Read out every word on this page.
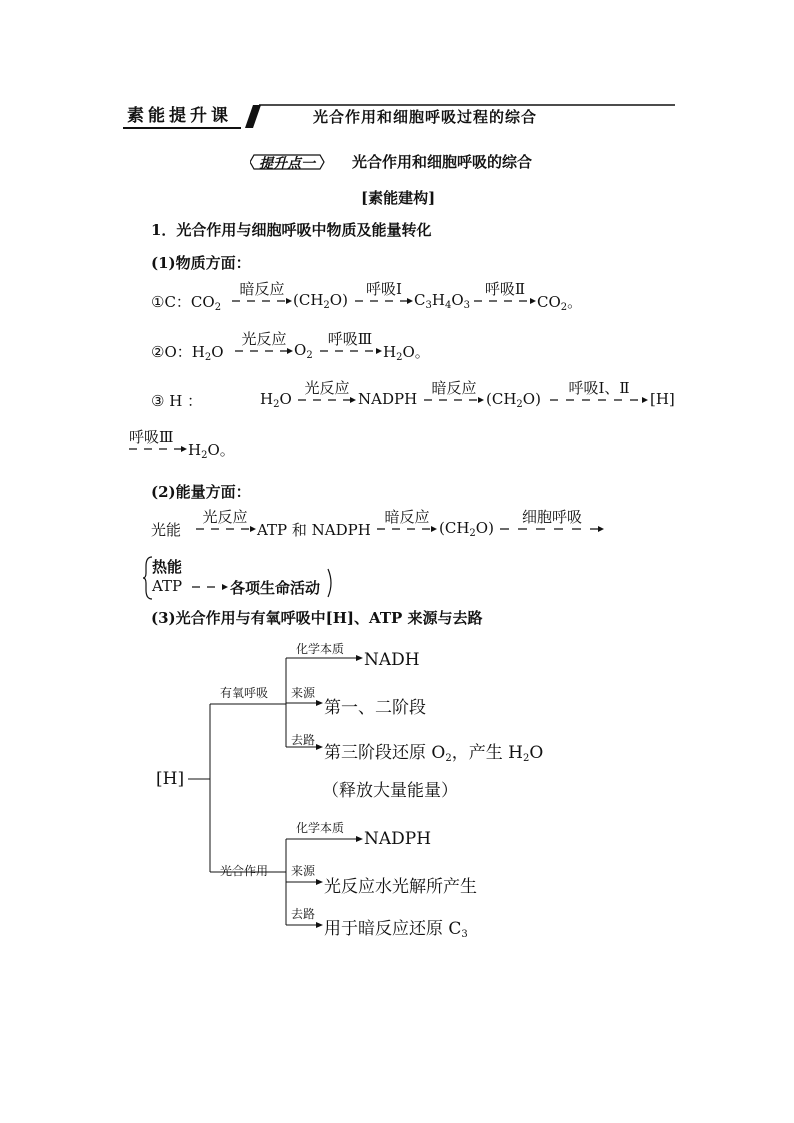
素能提升课	光合作用和细胞呼吸过程的综合
提升点一 光合作用和细胞呼吸的综合
[素能建构]
1．光合作用与细胞呼吸中物质及能量转化
(1)物质方面：
①C：$CO_2$
暗反应
$(CH_2O)$
呼吸Ⅰ
$C_3H_4O_3$
呼吸Ⅱ
$CO_2$。
②O：$H_2O$
光反应
$O_2$
呼吸Ⅲ
$H_2O$。
③ H ：	$H_2O$
光反应
NADPH
暗反应
$(CH_2O)$
呼吸Ⅰ、Ⅱ
[H]
呼吸Ⅲ
$H_2O$。
(2)能量方面：
光能
光反应
ATP 和 NADPH
暗反应
$(CH_2O)$
细胞呼吸
热能
ATP	各项生命活动
(3)光合作用与有氧呼吸中[H]、ATP 来源与去路
[H]
有氧呼吸
化学本质
NADH
来源
第一、二阶段
去路
第三阶段还原 $O_2$，产生 $H_2O$
（释放大量能量）
光合作用
化学本质
NADPH
来源
光反应水光解所产生
去路
用于暗反应还原 $C_3$
